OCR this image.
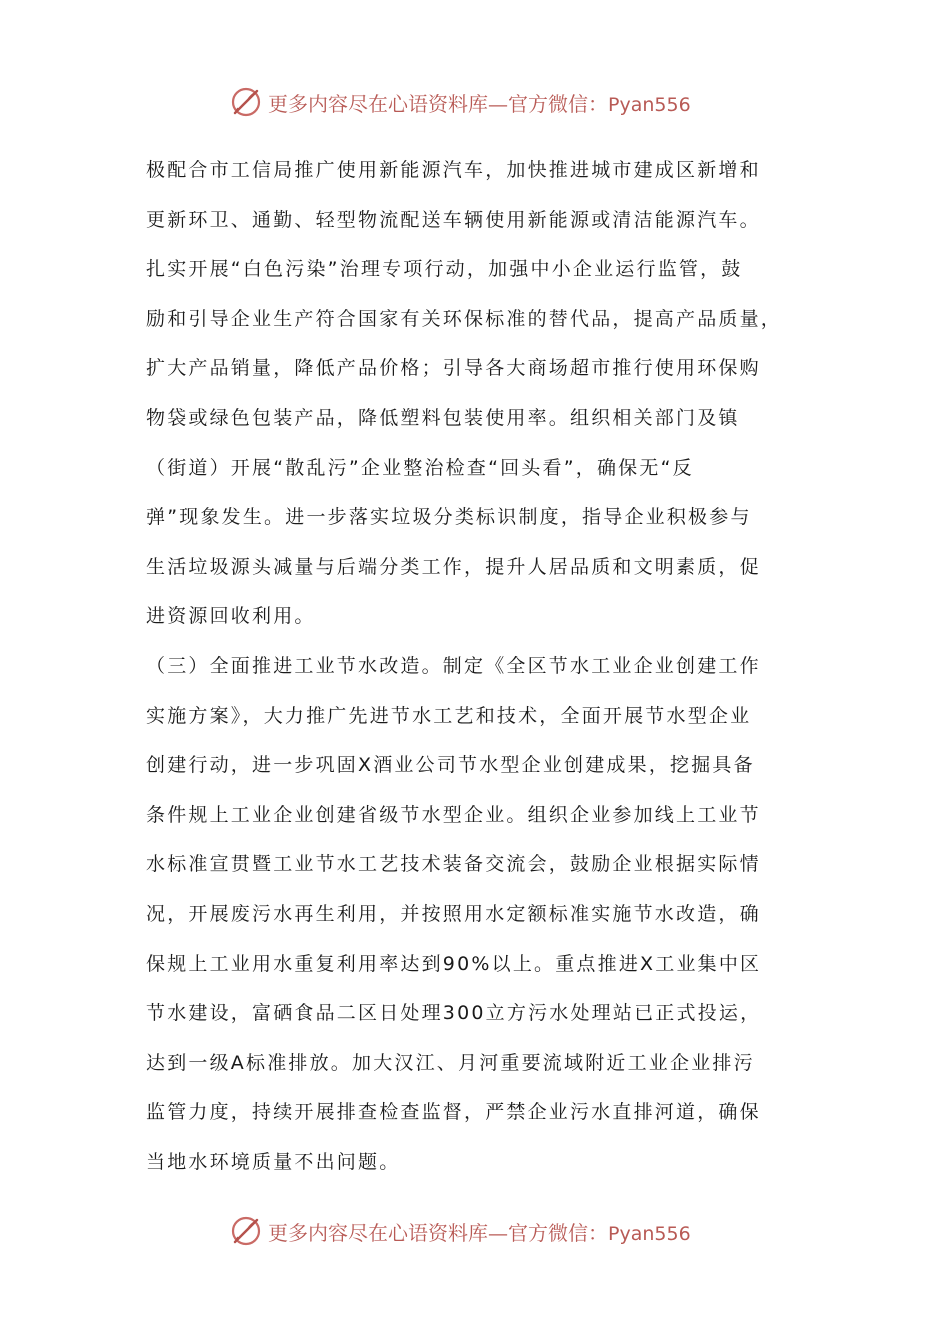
更多内容尽在心语资料库—官方微信：Pyan556
极配合市工信局推广使用新能源汽车，加快推进城市建成区新增和
更新环卫、通勤、轻型物流配送车辆使用新能源或清洁能源汽车。
扎实开展“白色污染”治理专项行动，加强中小企业运行监管，鼓
励和引导企业生产符合国家有关环保标准的替代品，提高产品质量，
扩大产品销量，降低产品价格；引导各大商场超市推行使用环保购
物袋或绿色包装产品，降低塑料包装使用率。组织相关部门及镇
（街道）开展“散乱污”企业整治检查“回头看”，确保无“反
弹”现象发生。进一步落实垃圾分类标识制度，指导企业积极参与
生活垃圾源头减量与后端分类工作，提升人居品质和文明素质，促
进资源回收利用。
（三）全面推进工业节水改造。制定《全区节水工业企业创建工作
实施方案》，大力推广先进节水工艺和技术，全面开展节水型企业
创建行动，进一步巩固X酒业公司节水型企业创建成果，挖掘具备
条件规上工业企业创建省级节水型企业。组织企业参加线上工业节
水标准宣贯暨工业节水工艺技术装备交流会，鼓励企业根据实际情
况，开展废污水再生利用，并按照用水定额标准实施节水改造，确
保规上工业用水重复利用率达到90%以上。重点推进X工业集中区
节水建设，富硒食品二区日处理300立方污水处理站已正式投运，
达到一级A标准排放。加大汉江、月河重要流域附近工业企业排污
监管力度，持续开展排查检查监督，严禁企业污水直排河道，确保
当地水环境质量不出问题。
更多内容尽在心语资料库—官方微信：Pyan556
